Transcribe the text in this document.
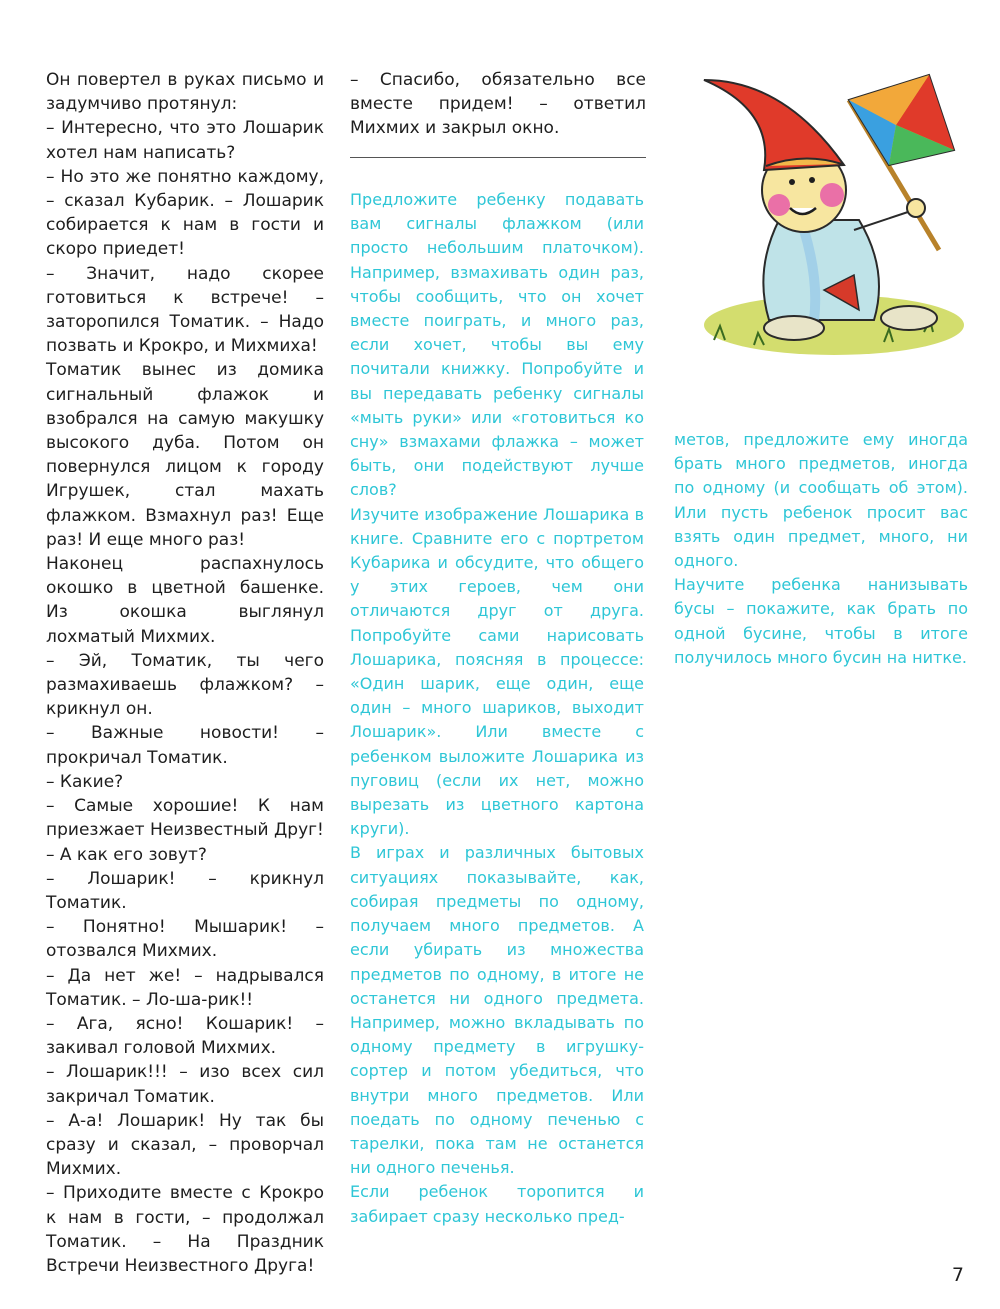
Он повертел в руках письмо и задумчиво протянул:

– Интересно, что это Лошарик хотел нам написать?

– Но это же понятно каждому, – сказал Кубарик. – Лошарик собирается к нам в гости и скоро приедет!

– Значит, надо скорее готовиться к встрече! – заторопился Томатик. – Надо позвать и Крокро, и Михмиха!

Томатик вынес из домика сигнальный флажок и взобрался на самую макушку высокого дуба. Потом он повернулся лицом к городу Игрушек, стал махать флажком. Взмахнул раз! Еще раз! И еще много раз!

Наконец распахнулось окошко в цветной башенке. Из окошка выглянул лохматый Михмих.

– Эй, Томатик, ты чего размахиваешь флажком? – крикнул он.

– Важные новости! – прокричал Томатик.

– Какие?

– Самые хорошие! К нам приезжает Неизвестный Друг!

– А как его зовут?

– Лошарик! – крикнул Томатик.

– Понятно! Мышарик! – отозвался Михмих.

– Да нет же! – надрывался Томатик. – Ло-ша-рик!!

– Ага, ясно! Кошарик! – закивал головой Михмих.

– Лошарик!!! – изо всех сил закричал Томатик.

– А-а! Лошарик! Ну так бы сразу и сказал, – проворчал Михмих.

– Приходите вместе с Крокро к нам в гости, – продолжал Томатик. – На Праздник Встречи Неизвестного Друга!

– Спасибо, обязательно все вместе придем! – ответил Михмих и закрыл окно.

Предложите ребенку подавать вам сигналы флажком (или просто небольшим платочком). Например, взмахивать один раз, чтобы сообщить, что он хочет вместе поиграть, и много раз, если хочет, чтобы вы ему почитали книжку. Попробуйте и вы передавать ребенку сигналы «мыть руки» или «готовиться ко сну» взмахами флажка – может быть, они подействуют лучше слов?

Изучите изображение Лошарика в книге. Сравните его с портретом Кубарика и обсудите, что общего у этих героев, чем они отличаются друг от друга. Попробуйте сами нарисовать Лошарика, поясняя в процессе: «Один шарик, еще один, еще один – много шариков, выходит Лошарик». Или вместе с ребенком выложите Лошарика из пуговиц (если их нет, можно вырезать из цветного картона круги).

В играх и различных бытовых ситуациях показывайте, как, собирая предметы по одному, получаем много предметов. А если убирать из множества предметов по одному, в итоге не останется ни одного предмета. Например, можно вкладывать по одному предмету в игрушку-сортер и потом убедиться, что внутри много предметов. Или поедать по одному печенью с тарелки, пока там не останется ни одного печенья.

Если ребенок торопится и забирает сразу несколько пред-

метов, предложите ему иногда брать много предметов, иногда по одному (и сообщать об этом). Или пусть ребенок просит вас взять один предмет, много, ни одного.

Научите ребенка нанизывать бусы – покажите, как брать по одной бусине, чтобы в итоге получилось много бусин на нитке.

7
